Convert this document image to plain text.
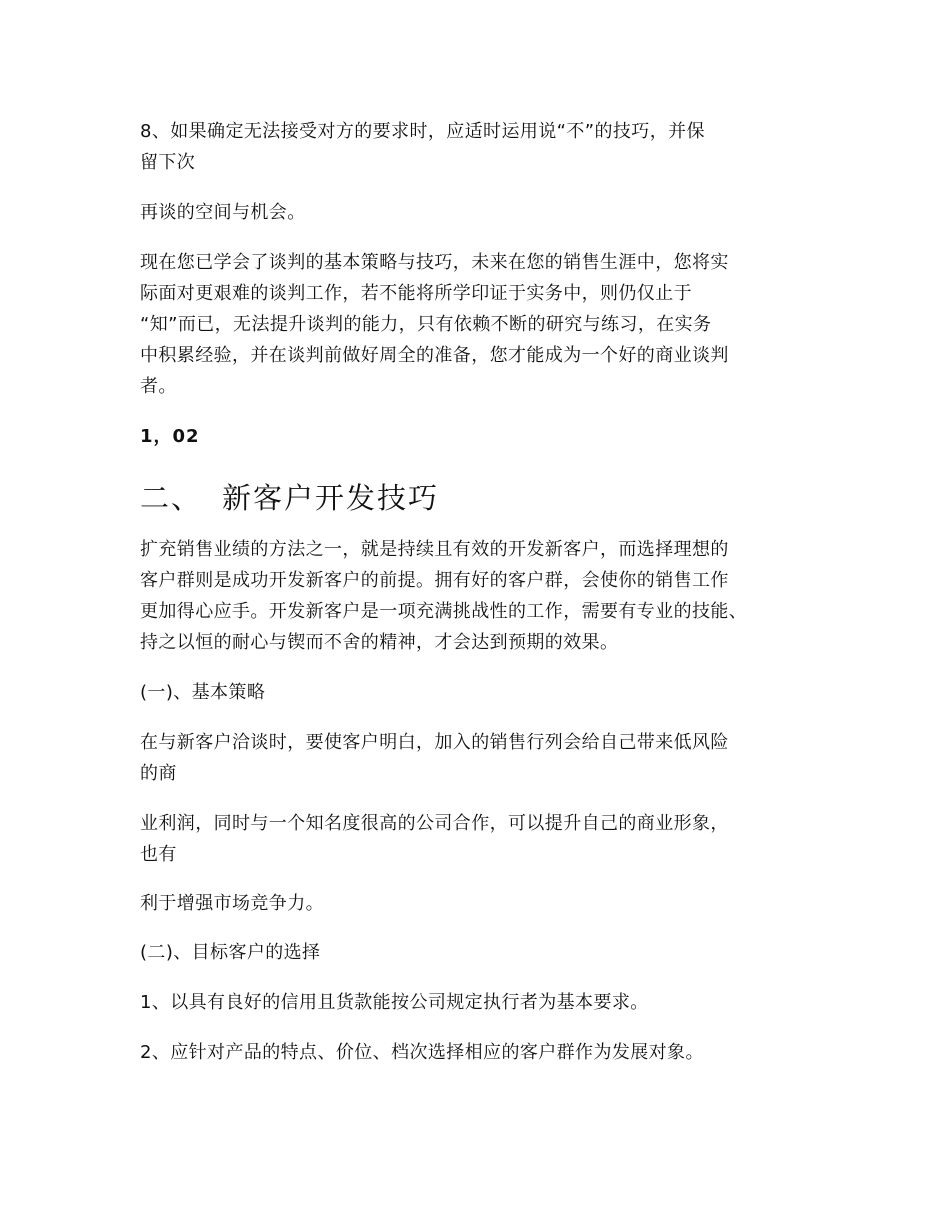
8、如果确定无法接受对方的要求时，应适时运用说“不”的技巧，并保
留下次
再谈的空间与机会。
现在您已学会了谈判的基本策略与技巧，未来在您的销售生涯中，您将实
际面对更艰难的谈判工作，若不能将所学印证于实务中，则仍仅止于
“知”而已，无法提升谈判的能力，只有依赖不断的研究与练习，在实务
中积累经验，并在谈判前做好周全的准备，您才能成为一个好的商业谈判
者。
1，02
二、 新客户开发技巧
扩充销售业绩的方法之一，就是持续且有效的开发新客户，而选择理想的
客户群则是成功开发新客户的前提。拥有好的客户群，会使你的销售工作
更加得心应手。开发新客户是一项充满挑战性的工作，需要有专业的技能、
持之以恒的耐心与锲而不舍的精神，才会达到预期的效果。
(一)、基本策略
在与新客户洽谈时，要使客户明白，加入的销售行列会给自己带来低风险
的商
业利润，同时与一个知名度很高的公司合作，可以提升自己的商业形象，
也有
利于增强市场竞争力。
(二)、目标客户的选择
1、以具有良好的信用且货款能按公司规定执行者为基本要求。
2、应针对产品的特点、价位、档次选择相应的客户群作为发展对象。
